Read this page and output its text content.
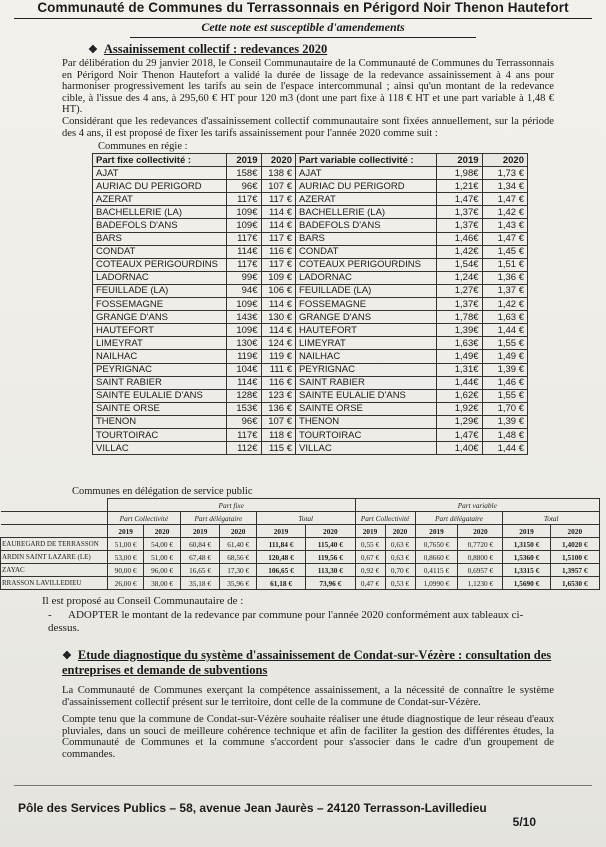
Communauté de Communes du Terrassonnais en Périgord Noir Thenon Hautefort
Cette note est susceptible d'amendements
❖ Assainissement collectif : redevances 2020
Par délibération du 29 janvier 2018, le Conseil Communautaire de la Communauté de Communes du Terrassonnais en Périgord Noir Thenon Hautefort a validé la durée de lissage de la redevance assainissement à 4 ans pour harmoniser progressivement les tarifs au sein de l'espace intercommunal ; ainsi qu'un montant de la redevance cible, à l'issue des 4 ans, à 295,60 € HT pour 120 m3 (dont une part fixe à 118 € HT et une part variable à 1,48 € HT).
Considérant que les redevances d'assainissement collectif communautaire sont fixées annuellement, sur la période des 4 ans, il est proposé de fixer les tarifs assainissement pour l'année 2020 comme suit :
Communes en régie :
Part fixe collectivité :	2019	2020	Part variable collectivité :	2019	2020
AJAT	158€	138 €	AJAT	1,98€	1,73 €
AURIAC DU PERIGORD	96€	107 €	AURIAC DU PERIGORD	1,21€	1,34 €
AZERAT	117€	117 €	AZERAT	1,47€	1,47 €
BACHELLERIE (LA)	109€	114 €	BACHELLERIE (LA)	1,37€	1,42 €
BADEFOLS D'ANS	109€	114 €	BADEFOLS D'ANS	1,37€	1,43 €
BARS	117€	117 €	BARS	1,46€	1,47 €
CONDAT	114€	116 €	CONDAT	1,42€	1,45 €
COTEAUX PERIGOURDINS	117€	117 €	COTEAUX PERIGOURDINS	1,54€	1,51 €
LADORNAC	99€	109 €	LADORNAC	1,24€	1,36 €
FEUILLADE (LA)	94€	106 €	FEUILLADE (LA)	1,27€	1,37 €
FOSSEMAGNE	109€	114 €	FOSSEMAGNE	1,37€	1,42 €
GRANGE D'ANS	143€	130 €	GRANGE D'ANS	1,78€	1,63 €
HAUTEFORT	109€	114 €	HAUTEFORT	1,39€	1,44 €
LIMEYRAT	130€	124 €	LIMEYRAT	1,63€	1,55 €
NAILHAC	119€	119 €	NAILHAC	1,49€	1,49 €
PEYRIGNAC	104€	111 €	PEYRIGNAC	1,31€	1,39 €
SAINT RABIER	114€	116 €	SAINT RABIER	1,44€	1,46 €
SAINTE EULALIE D'ANS	128€	123 €	SAINTE EULALIE D'ANS	1,62€	1,55 €
SAINTE ORSE	153€	136 €	SAINTE ORSE	1,92€	1,70 €
THENON	96€	107 €	THENON	1,29€	1,39 €
TOURTOIRAC	117€	118 €	TOURTOIRAC	1,47€	1,48 €
VILLAC	112€	115 €	VILLAC	1,40€	1,44 €
Communes en délégation de service public
	Part fixe						Part variable					
	Part Collectivité		Part délégataire		Total		Part Collectivité		Part délégataire		Total	
	2019	2020	2019	2020	2019	2020	2019	2020	2019	2020	2019	2020
EAUREGARD DE TERRASSON	51,00 €	54,00 €	60,84 €	61,40 €	111,84 €	115,40 €	0,55 €	0,63 €	0,7650 €	0,7720 €	1,3150 €	1,4020 €
ARDIN SAINT LAZARE (LE)	53,00 €	51,00 €	67,48 €	68,56 €	120,48 €	119,56 €	0,67 €	0,63 €	0,8660 €	0,8800 €	1,5360 €	1,5100 €
ZAYAC	90,00 €	96,00 €	16,65 €	17,30 €	106,65 €	113,30 €	0,92 €	0,70 €	0,4115 €	0,6957 €	1,3315 €	1,3957 €
RRASSON LAVILLEDIEU	26,00 €	38,00 €	35,18 €	35,96 €	61,18 €	73,96 €	0,47 €	0,53 €	1,0990 €	1,1230 €	1,5690 €	1,6530 €
Il est proposé au Conseil Communautaire de :
- ADOPTER le montant de la redevance par commune pour l'année 2020 conformément aux tableaux ci-dessus.
❖ Etude diagnostique du système d'assainissement de Condat-sur-Vézère : consultation des entreprises et demande de subventions
La Communauté de Communes exerçant la compétence assainissement, a la nécessité de connaître le système d'assainissement collectif présent sur le territoire, dont celle de la commune de Condat-sur-Vézère.
Compte tenu que la commune de Condat-sur-Vézère souhaite réaliser une étude diagnostique de leur réseau d'eaux pluviales, dans un souci de meilleure cohérence technique et afin de faciliter la gestion des différentes études, la Communauté de Communes et la commune s'accordent pour s'associer dans le cadre d'un groupement de commandes.
Pôle des Services Publics – 58, avenue Jean Jaurès – 24120 Terrasson-Lavilledieu
5/10
